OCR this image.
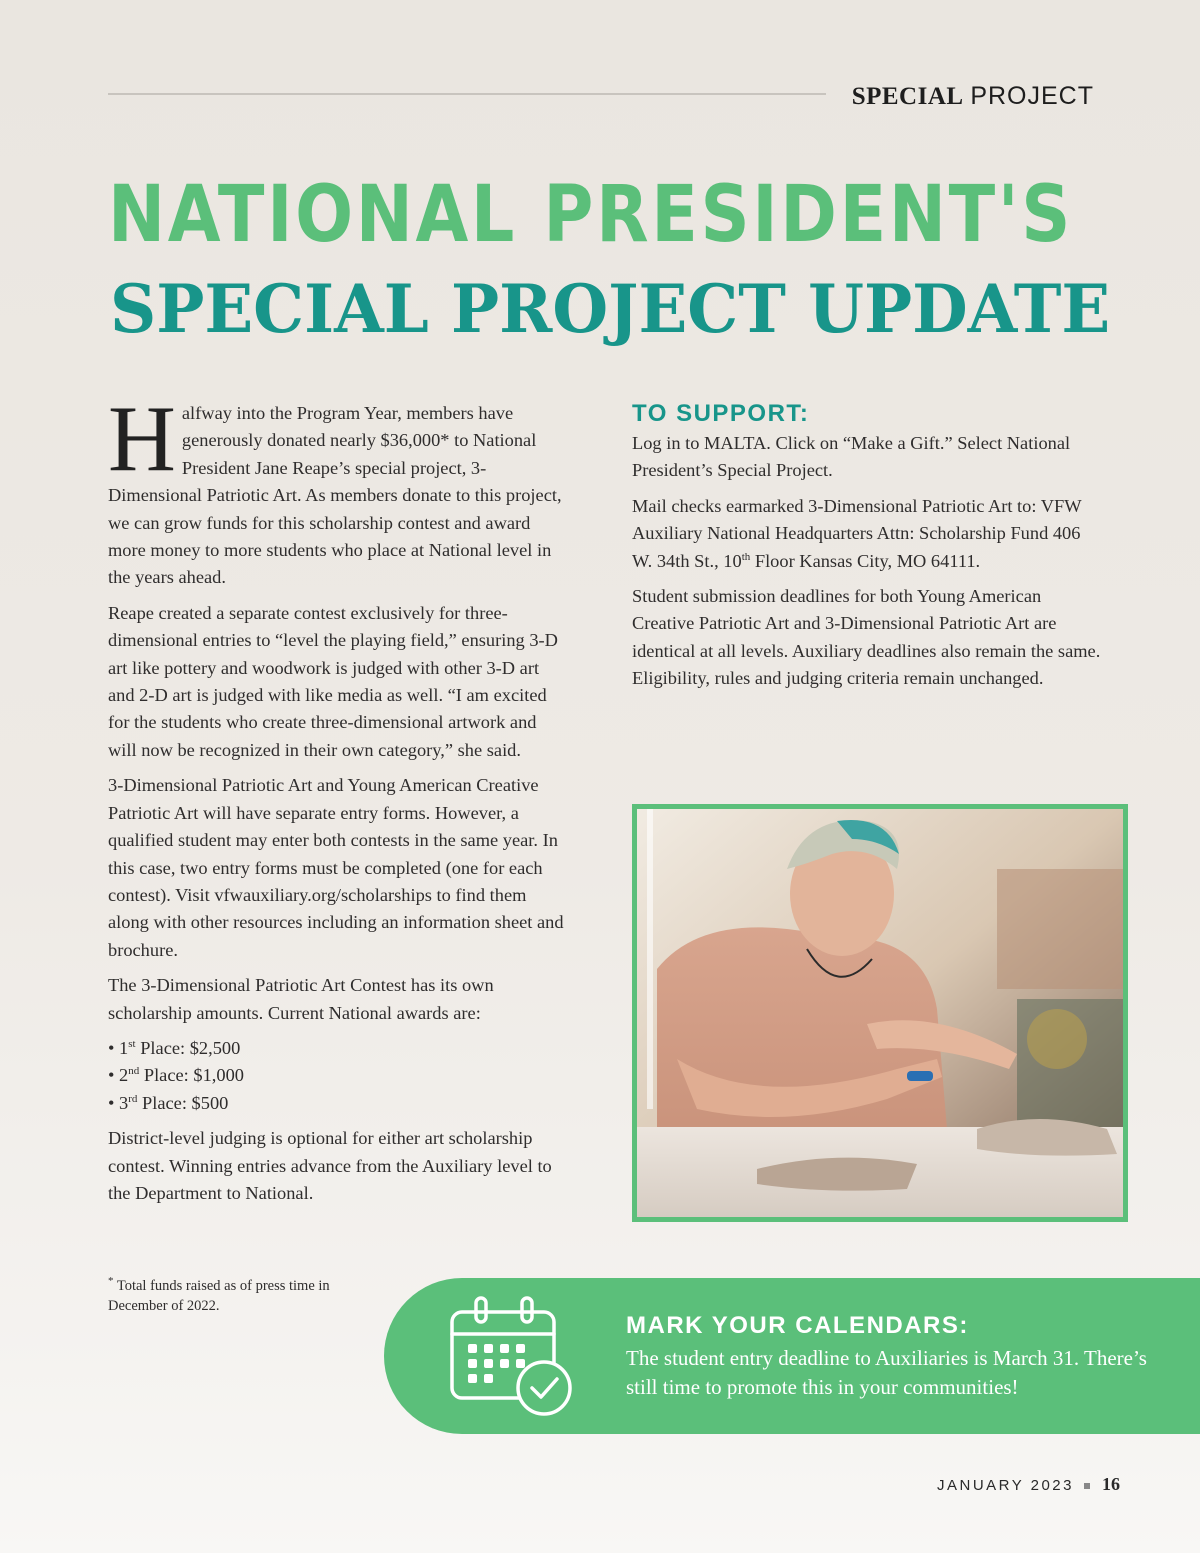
SPECIAL PROJECT
NATIONAL PRESIDENT'S
SPECIAL PROJECT UPDATE

Halfway into the Program Year, members have generously donated nearly $36,000* to National President Jane Reape’s special project, 3-Dimensional Patriotic Art. As members donate to this project, we can grow funds for this scholarship contest and award more money to more students who place at National level in the years ahead.

Reape created a separate contest exclusively for three-dimensional entries to “level the playing field,” ensuring 3-D art like pottery and woodwork is judged with other 3-D art and 2-D art is judged with like media as well. “I am excited for the students who create three-dimensional artwork and will now be recognized in their own category,” she said.

3-Dimensional Patriotic Art and Young American Creative Patriotic Art will have separate entry forms. However, a qualified student may enter both contests in the same year. In this case, two entry forms must be completed (one for each contest). Visit vfwauxiliary.org/scholarships to find them along with other resources including an information sheet and brochure.

The 3-Dimensional Patriotic Art Contest has its own scholarship amounts. Current National awards are:

• 1st Place: $2,500
• 2nd Place: $1,000
• 3rd Place: $500

District-level judging is optional for either art scholarship contest. Winning entries advance from the Auxiliary level to the Department to National.

TO SUPPORT:

Log in to MALTA. Click on “Make a Gift.” Select National President’s Special Project.

Mail checks earmarked 3-Dimensional Patriotic Art to: VFW Auxiliary National Headquarters Attn: Scholarship Fund 406 W. 34th St., 10th Floor Kansas City, MO 64111.

Student submission deadlines for both Young American Creative Patriotic Art and 3-Dimensional Patriotic Art are identical at all levels. Auxiliary deadlines also remain the same. Eligibility, rules and judging criteria remain unchanged.

* Total funds raised as of press time in December of 2022.
MARK YOUR CALENDARS:

The student entry deadline to Auxiliaries is March 31. There’s still time to promote this in your communities!

JANUARY 2023 16
